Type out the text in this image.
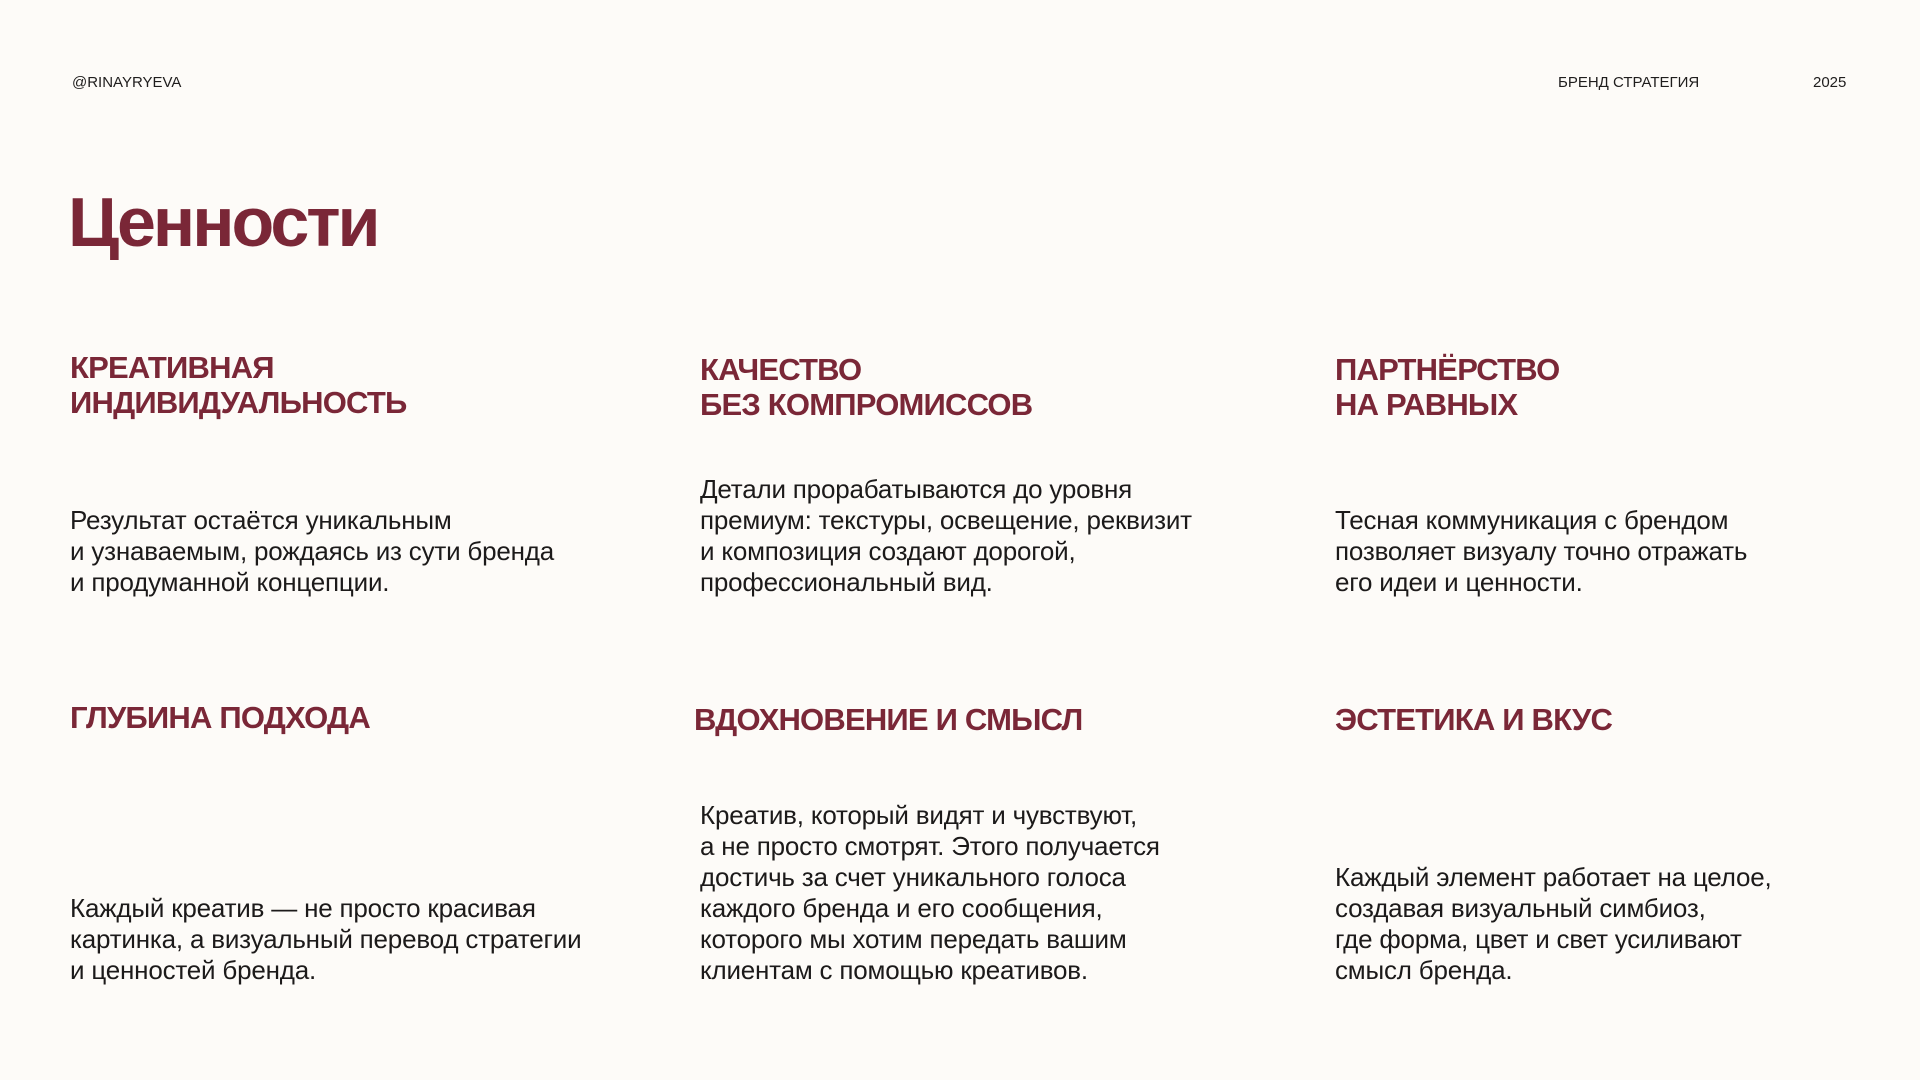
@RINAYRYEVA	БРЕНД СТРАТЕГИЯ	2025
Ценности
КРЕАТИВНАЯ
ИНДИВИДУАЛЬНОСТЬ

Результат остаётся уникальным
и узнаваемым, рождаясь из сути бренда
и продуманной концепции.

КАЧЕСТВО
БЕЗ КОМПРОМИССОВ

Детали прорабатываются до уровня
премиум: текстуры, освещение, реквизит
и композиция создают дорогой,
профессиональный вид.

ПАРТНЁРСТВО
НА РАВНЫХ

Тесная коммуникация с брендом
позволяет визуалу точно отражать
его идеи и ценности.

ГЛУБИНА ПОДХОДА

Каждый креатив — не просто красивая
картинка, а визуальный перевод стратегии
и ценностей бренда.

ВДОХНОВЕНИЕ И СМЫСЛ

Креатив, который видят и чувствуют,
а не просто смотрят. Этого получается
достичь за счет уникального голоса
каждого бренда и его сообщения,
которого мы хотим передать вашим
клиентам с помощью креативов.

ЭСТЕТИКА И ВКУС

Каждый элемент работает на целое,
создавая визуальный симбиоз,
где форма, цвет и свет усиливают
смысл бренда.
